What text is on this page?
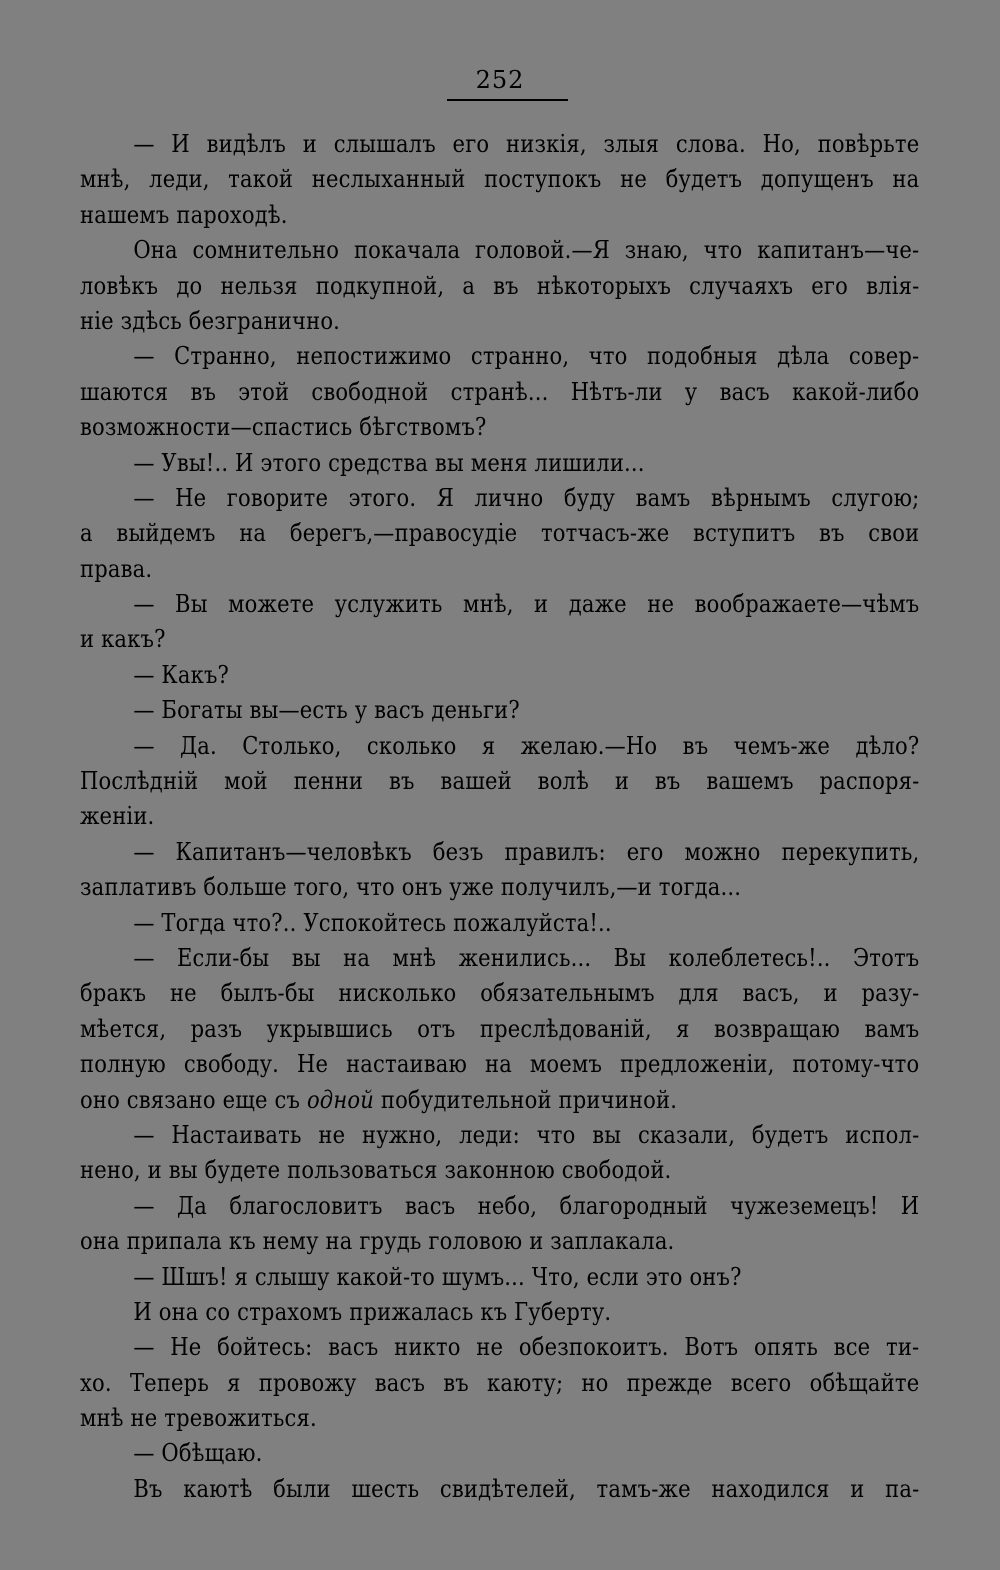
252
— И видѣлъ и слышалъ его низкія, злыя слова. Но, повѣрьте
мнѣ, леди, такой неслыханный поступокъ не будетъ допущенъ на
нашемъ пароходѣ.
Она сомнительно покачала головой.—Я знаю, что капитанъ—че-
ловѣкъ до нельзя подкупной, а въ нѣкоторыхъ случаяхъ его влія-
ніе здѣсь безгранично.
— Странно, непостижимо странно, что подобныя дѣла совер-
шаются въ этой свободной странѣ... Нѣтъ-ли у васъ какой-либо
возможности—спастись бѣгствомъ?
— Увы!.. И этого средства вы меня лишили...
— Не говорите этого. Я лично буду вамъ вѣрнымъ слугою;
а выйдемъ на берегъ,—правосудіе тотчасъ-же вступитъ въ свои
права.
— Вы можете услужить мнѣ, и даже не воображаете—чѣмъ
и какъ?
— Какъ?
— Богаты вы—есть у васъ деньги?
— Да. Столько, сколько я желаю.—Но въ чемъ-же дѣло?
Послѣдній мой пенни въ вашей волѣ и въ вашемъ распоря-
женіи.
— Капитанъ—человѣкъ безъ правилъ: его можно перекупить,
заплативъ больше того, что онъ уже получилъ,—и тогда...
— Тогда что?.. Успокойтесь пожалуйста!..
— Если-бы вы на мнѣ женились... Вы колеблетесь!.. Этотъ
бракъ не былъ-бы нисколько обязательнымъ для васъ, и разу-
мѣется, разъ укрывшись отъ преслѣдованій, я возвращаю вамъ
полную свободу. Не настаиваю на моемъ предложеніи, потому-что
оно связано еще съ одной побудительной причиной.
— Настаивать не нужно, леди: что вы сказали, будетъ испол-
нено, и вы будете пользоваться законною свободой.
— Да благословитъ васъ небо, благородный чужеземецъ! И
она припала къ нему на грудь головою и заплакала.
— Шшъ! я слышу какой-то шумъ... Что, если это онъ?
И она со страхомъ прижалась къ Губерту.
— Не бойтесь: васъ никто не обезпокоитъ. Вотъ опять все ти-
хо. Теперь я провожу васъ въ каюту; но прежде всего обѣщайте
мнѣ не тревожиться.
— Обѣщаю.
Въ каютѣ были шесть свидѣтелей, тамъ-же находился и па-
